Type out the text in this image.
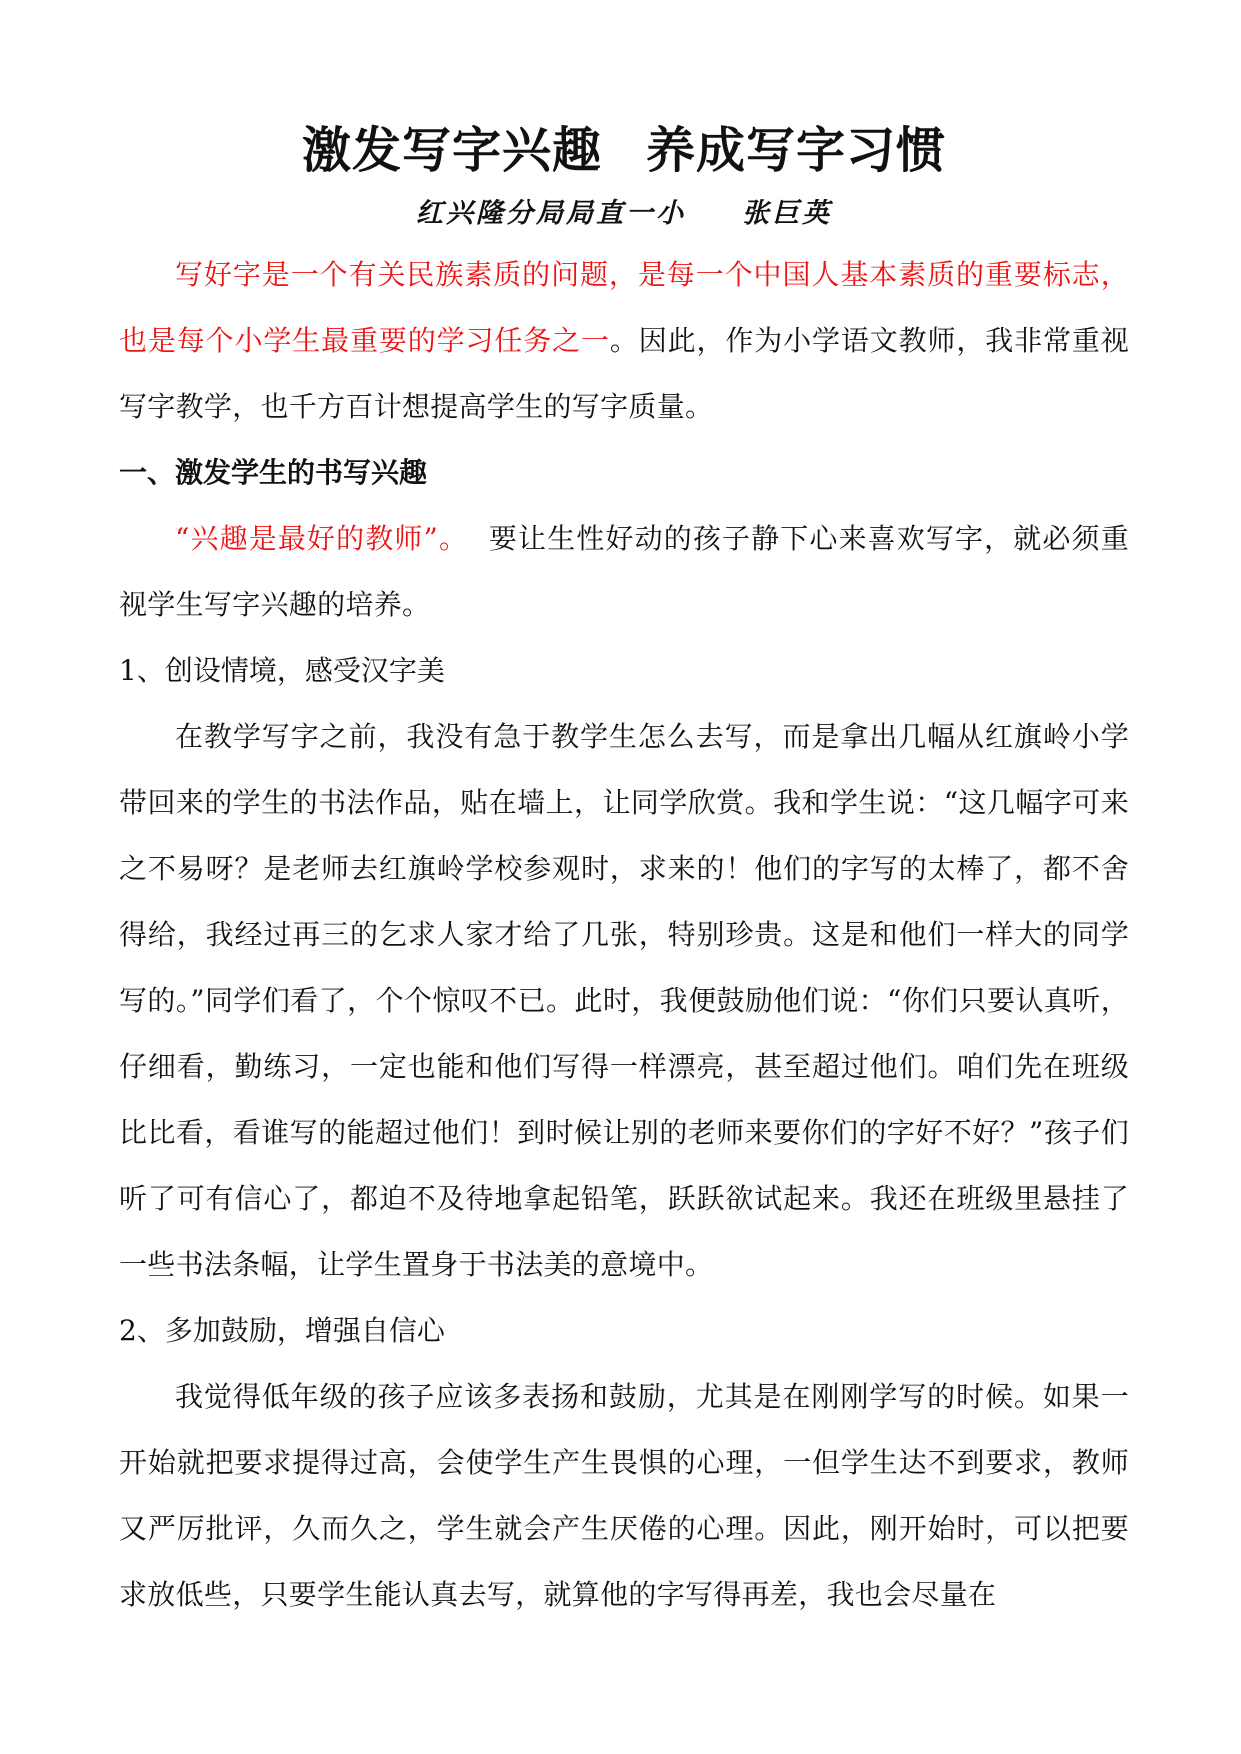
激发写字兴趣 养成写字习惯
红兴隆分局局直一小 张巨英

写好字是一个有关民族素质的问题，是每一个中国人基本素质的重要标志，也是每个小学生最重要的学习任务之一。因此，作为小学语文教师，我非常重视写字教学，也千方百计想提高学生的写字质量。

一、激发学生的书写兴趣

“兴趣是最好的教师”。 要让生性好动的孩子静下心来喜欢写字，就必须重视学生写字兴趣的培养。

1、创设情境，感受汉字美

在教学写字之前，我没有急于教学生怎么去写，而是拿出几幅从红旗岭小学带回来的学生的书法作品，贴在墙上，让同学欣赏。我和学生说：“这几幅字可来之不易呀？是老师去红旗岭学校参观时，求来的！他们的字写的太棒了，都不舍得给，我经过再三的乞求人家才给了几张，特别珍贵。这是和他们一样大的同学写的。”同学们看了，个个惊叹不已。此时，我便鼓励他们说：“你们只要认真听，仔细看，勤练习，一定也能和他们写得一样漂亮，甚至超过他们。咱们先在班级比比看，看谁写的能超过他们！到时候让别的老师来要你们的字好不好？”孩子们听了可有信心了，都迫不及待地拿起铅笔，跃跃欲试起来。我还在班级里悬挂了一些书法条幅，让学生置身于书法美的意境中。

2、多加鼓励，增强自信心

我觉得低年级的孩子应该多表扬和鼓励，尤其是在刚刚学写的时候。如果一开始就把要求提得过高，会使学生产生畏惧的心理，一但学生达不到要求，教师又严厉批评，久而久之，学生就会产生厌倦的心理。因此，刚开始时，可以把要求放低些，只要学生能认真去写，就算他的字写得再差，我也会尽量在
